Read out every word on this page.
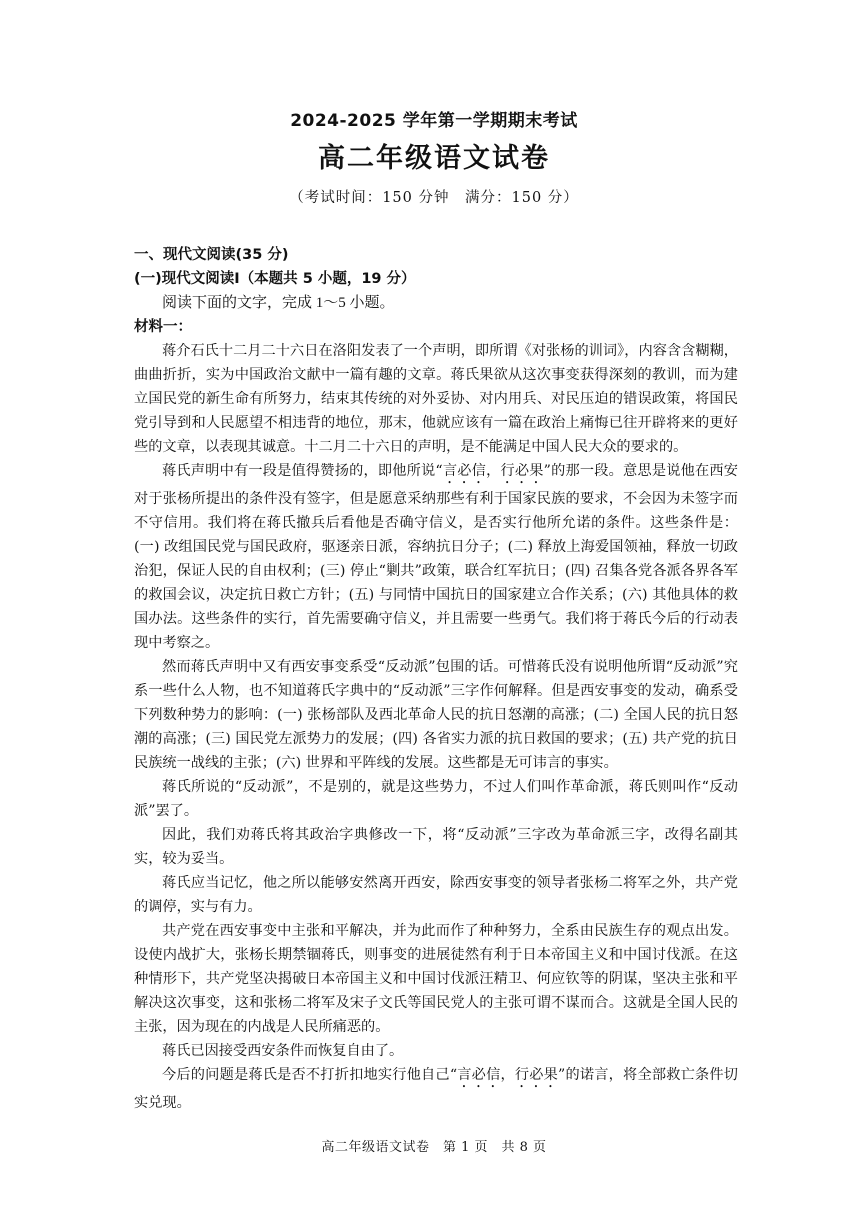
2024-2025 学年第一学期期末考试
高二年级语文试卷
（考试时间：150 分钟　满分：150 分）

一、现代文阅读(35 分)

(一)现代文阅读Ⅰ（本题共 5 小题，19 分）

阅读下面的文字，完成 1～5 小题。

材料一：

蒋介石氏十二月二十六日在洛阳发表了一个声明，即所谓《对张杨的训词》，内容含含糊糊，曲曲折折，实为中国政治文献中一篇有趣的文章。蒋氏果欲从这次事变获得深刻的教训，而为建立国民党的新生命有所努力，结束其传统的对外妥协、对内用兵、对民压迫的错误政策，将国民党引导到和人民愿望不相违背的地位，那末，他就应该有一篇在政治上痛悔已往开辟将来的更好些的文章，以表现其诚意。十二月二十六日的声明，是不能满足中国人民大众的要求的。

蒋氏声明中有一段是值得赞扬的，即他所说“言必信，行必果”的那一段。意思是说他在西安对于张杨所提出的条件没有签字，但是愿意采纳那些有利于国家民族的要求，不会因为未签字而不守信用。我们将在蒋氏撤兵后看他是否确守信义，是否实行他所允诺的条件。这些条件是：(一) 改组国民党与国民政府，驱逐亲日派，容纳抗日分子；(二) 释放上海爱国领袖，释放一切政治犯，保证人民的自由权利；(三) 停止“剿共”政策，联合红军抗日；(四) 召集各党各派各界各军的救国会议，决定抗日救亡方针；(五) 与同情中国抗日的国家建立合作关系；(六) 其他具体的救国办法。这些条件的实行，首先需要确守信义，并且需要一些勇气。我们将于蒋氏今后的行动表现中考察之。

然而蒋氏声明中又有西安事变系受“反动派”包围的话。可惜蒋氏没有说明他所谓“反动派”究系一些什么人物，也不知道蒋氏字典中的“反动派”三字作何解释。但是西安事变的发动，确系受下列数种势力的影响：(一) 张杨部队及西北革命人民的抗日怒潮的高涨；(二) 全国人民的抗日怒潮的高涨；(三) 国民党左派势力的发展；(四) 各省实力派的抗日救国的要求；(五) 共产党的抗日民族统一战线的主张；(六) 世界和平阵线的发展。这些都是无可讳言的事实。

蒋氏所说的“反动派”，不是别的，就是这些势力，不过人们叫作革命派，蒋氏则叫作“反动派”罢了。

因此，我们劝蒋氏将其政治字典修改一下，将“反动派”三字改为革命派三字，改得名副其实，较为妥当。

蒋氏应当记忆，他之所以能够安然离开西安，除西安事变的领导者张杨二将军之外，共产党的调停，实与有力。

共产党在西安事变中主张和平解决，并为此而作了种种努力，全系由民族生存的观点出发。设使内战扩大，张杨长期禁锢蒋氏，则事变的进展徒然有利于日本帝国主义和中国讨伐派。在这种情形下，共产党坚决揭破日本帝国主义和中国讨伐派汪精卫、何应钦等的阴谋，坚决主张和平解决这次事变，这和张杨二将军及宋子文氏等国民党人的主张可谓不谋而合。这就是全国人民的主张，因为现在的内战是人民所痛恶的。

蒋氏已因接受西安条件而恢复自由了。

今后的问题是蒋氏是否不打折扣地实行他自己“言必信，行必果”的诺言，将全部救亡条件切实兑现。

高二年级语文试卷　第 1 页　共 8 页
